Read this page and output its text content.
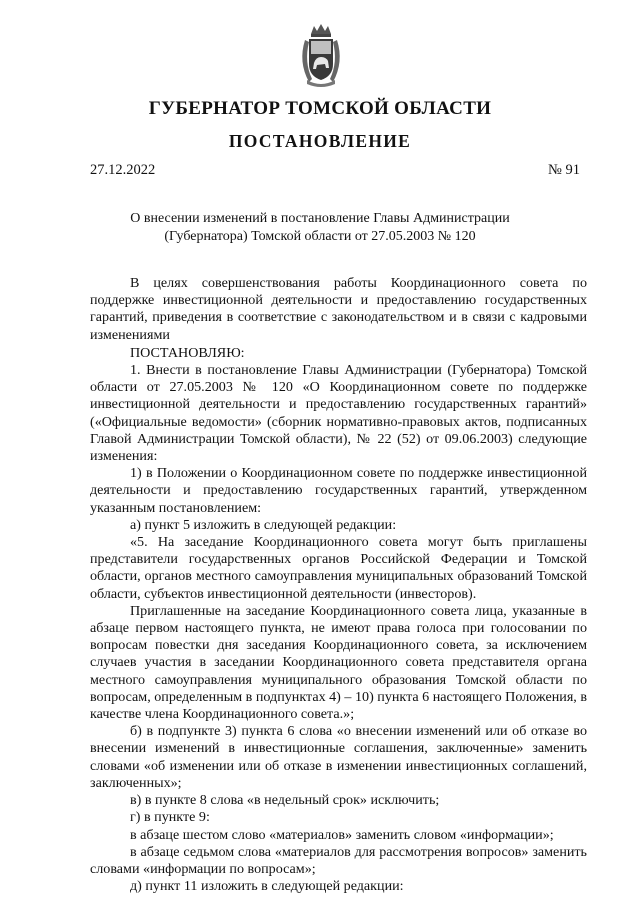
ГУБЕРНАТОР ТОМСКОЙ ОБЛАСТИ
ПОСТАНОВЛЕНИЕ
27.12.2022	№ 91
О внесении изменений в постановление Главы Администрации
(Губернатора) Томской области от 27.05.2003 № 120

В целях совершенствования работы Координационного совета по поддержке инвестиционной деятельности и предоставлению государственных гарантий, приведения в соответствие с законодательством и в связи с кадровыми изменениями

ПОСТАНОВЛЯЮ:

1. Внести в постановление Главы Администрации (Губернатора) Томской области от 27.05.2003 № 120 «О Координационном совете по поддержке инвестиционной деятельности и предоставлению государственных гарантий» («Официальные ведомости» (сборник нормативно-правовых актов, подписанных Главой Администрации Томской области), № 22 (52) от 09.06.2003) следующие изменения:

1) в Положении о Координационном совете по поддержке инвестиционной деятельности и предоставлению государственных гарантий, утвержденном указанным постановлением:

а) пункт 5 изложить в следующей редакции:

«5. На заседание Координационного совета могут быть приглашены представители государственных органов Российской Федерации и Томской области, органов местного самоуправления муниципальных образований Томской области, субъектов инвестиционной деятельности (инвесторов).

Приглашенные на заседание Координационного совета лица, указанные в абзаце первом настоящего пункта, не имеют права голоса при голосовании по вопросам повестки дня заседания Координационного совета, за исключением случаев участия в заседании Координационного совета представителя органа местного самоуправления муниципального образования Томской области по вопросам, определенным в подпунктах 4) – 10) пункта 6 настоящего Положения, в качестве члена Координационного совета.»;

б) в подпункте 3) пункта 6 слова «о внесении изменений или об отказе во внесении изменений в инвестиционные соглашения, заключенные» заменить словами «об изменении или об отказе в изменении инвестиционных соглашений, заключенных»;

в) в пункте 8 слова «в недельный срок» исключить;

г) в пункте 9:

в абзаце шестом слово «материалов» заменить словом «информации»;

в абзаце седьмом слова «материалов для рассмотрения вопросов» заменить словами «информации по вопросам»;

д) пункт 11 изложить в следующей редакции:
